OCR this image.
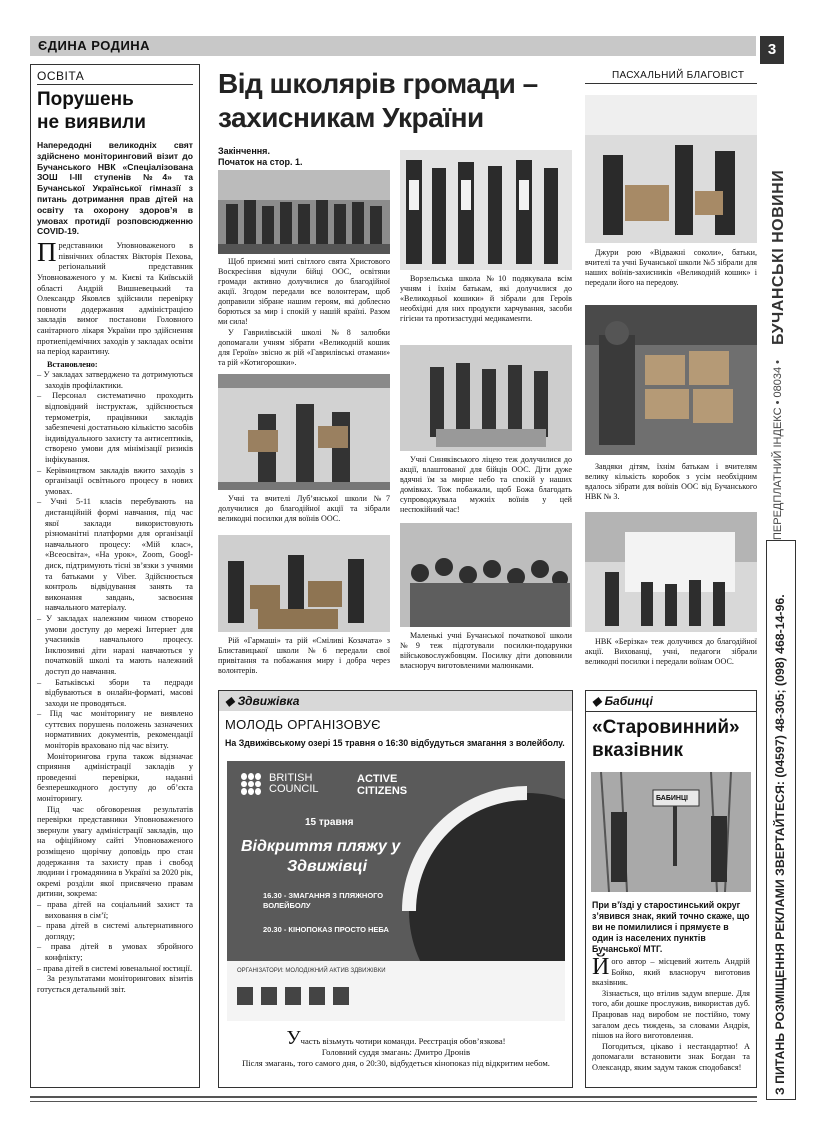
ЄДИНА РОДИНА	3
БУЧАНСЬКІ НОВИНИ
ПЕРЕДПЛАТНИЙ ІНДЕКС • 08034 •
З ПИТАНЬ РОЗМІЩЕННЯ РЕКЛАМИ ЗВЕРТАЙТЕСЯ: (04597) 48-305; (098) 468-14-96.
ОСВІТА
Порушень
не виявили
Напередодні великодніх свят здійснено моніторинговий візит до Бучанського НВК «Спеціалізована ЗОШ І-ІІІ ступенів №4» та Бучанської Української гімназії з питань дотримання прав дітей на освіту та охорону здоров’я в умовах протидії розповсюдженню COVID-19.
Представники Уповноваженого в північних областях Вікторія Пехова, регіональний представник Уповноваженого у м. Києві та Київській області Андрій Вишневецький та Олександр Яковлєв здійснили перевірку повноти додержання адміністрацією закладів вимог постанови Головного санітарного лікаря України про здійснення протиепідемічних заходів у закладах освіти на період карантину.
Встановлено:
– У закладах затверджено та дотримуються заходів профілактики.
– Персонал систематично проходить відповідний інструктаж, здійснюється термометрія, працівники закладів забезпечені достатньою кількістю засобів індивідуального захисту та антисептиків, створено умови для мінімізації ризиків інфікування.
– Керівництвом закладів вжито заходів з організації освітнього процесу в нових умовах.
– Учні 5-11 класів перебувають на дистанційній формі навчання, під час якої заклади використовують різноманітні платформи для організації навчального процесу: «Мій клас», «Всеосвіта», «На урок», Zoom, Googl-диск, підтримують тісні зв’язки з учнями та батьками у Viber. Здійснюється контроль відвідування занять та виконання завдань, засвоєння навчального матеріалу.
– У закладах належним чином створено умови доступу до мережі Інтернет для учасників навчального процесу. Інклюзивні діти наразі навчаються у початковій школі та мають належний доступ до навчання.
– Батьківські збори та педради відбуваються в онлайн-форматі, масові заходи не проводяться.
– Під час моніторингу не виявлено суттєвих порушень положень зазначених нормативних документів, рекомендації моніторів враховано під час візиту.
Моніторингова група також відзначає сприяння адміністрації закладів у проведенні перевірки, наданні безперешкодного доступу до об’єкта моніторингу.
Під час обговорення результатів перевірки представники Уповноваженого звернули увагу адміністрації закладів, що на офіційному сайті Уповноваженого розміщено щорічну доповідь про стан додержання та захисту прав і свобод людини і громадянина в Україні за 2020 рік, окремі розділи якої присвячено правам дитини, зокрема:
– права дітей на соціальний захист та виховання в сім’ї;
– права дітей в системі альтернативного догляду;
– права дітей в умовах збройного конфлікту;
– права дітей в системі ювенальної юстиції.
За результатами моніторингових візитів готується детальний звіт.
ПАСХАЛЬНИЙ БЛАГОВІСТ
Від школярів громади –
захисникам України
Закінчення.
Початок на стор. 1.
Щоб приємні миті світлого свята Христового Воскресіння відчули бійці ООС, освітяни громади активно долучилися до благодійної акції. Згодом передали все волонтерам, щоб доправили зібране нашим героям, які доблесно борються за мир і спокій у нашій країні. Разом ми сила!
У Гаврилівській школі №8 залюбки допомагали учням зібрати «Великодній кошик для Героїв» звісно ж рій «Гаврилівські отамани» та рій «Котигорошки».
Учні та вчителі Луб’янської школи №7 долучилися до благодійної акції та зібрали великодні посилки для воїнів ООС.
Рій «Гармаші» та рій «Сміливі Козачата» з Блиставицької школи №6 передали свої привітання та побажання миру і добра через волонтерів.
Ворзельська школа №10 подякувала всім учням і їхнім батькам, які долучилися до «Великодньої кошики» й зібрали для Героїв необхідні для них продукти харчування, засоби гігієни та протизастудні медикаменти.
Учні Синяківського ліцею теж долучилися до акції, влаштованої для бійців ООС. Діти дуже вдячні їм за мирне небо та спокій у наших домівках. Тож побажали, щоб Божа благодать супроводжувала мужніх воїнів у цей неспокійний час!
Маленькі учні Бучанської початкової школи №9 теж підготували посилки-подарунки військовослужбовцям. Посилку діти доповнили власноруч виготовленими малюнками.
Джури рою «Відважні соколи», батьки, вчителі та учні Бучанської школи №5 зібрали для наших воїнів-захисників «Великодній кошик» і передали його на передову.
Завдяки дітям, їхнім батькам і вчителям велику кількість коробок з усім необхідним вдалось зібрати для воїнів ООС від Бучанського НВК № 3.
НВК «Берізка» теж долучився до благодійної акції. Вихованці, учні, педагоги зібрали великодні посилки і передали воїнам ООС.
◆ Здвижівка
МОЛОДЬ ОРГАНІЗОВУЄ
На Здвижівському озері 15 травня о 16:30 відбудуться змагання з волейболу.
BRITISH
COUNCIL
ACTIVE
CITIZENS
15 травня
Відкриття пляжу у
Здвижівці
16.30 - ЗМАГАННЯ З ПЛЯЖНОГО
ВОЛЕЙБОЛУ
20.30 - КІНОПОКАЗ ПРОСТО НЕБА
ОРГАНІЗАТОРИ: МОЛОДІЖНИЙ АКТИВ ЗДВИЖІВКИ
Участь візьмуть чотири команди. Реєстрація обов’язкова!
Головний суддя змагань: Дмитро Дронів
Після змагань, того самого дня, о 20:30, відбудеться кінопоказ під відкритим небом.
◆ Бабинці
«Старовинний»
вказівник
БАБИНЦІ
При в’їзді у старостинський округ з’явився знак, який точно скаже, що ви не помилилися і прямуєте в один із населених пунктів Бучанської МТГ.
Його автор – місцевий житель Андрій Бойко, який власноруч виготовив вказівник.
Зізнається, що втілив задум вперше. Для того, аби дошке прослужив, використав дуб. Працював над виробом не постійно, тому загалом десь тиждень, за словами Андрія, пішов на його виготовлення.
Погодиться, цікаво і нестандартно! А допомагали встановити знак Богдан та Олександр, яким задум також сподобався!
